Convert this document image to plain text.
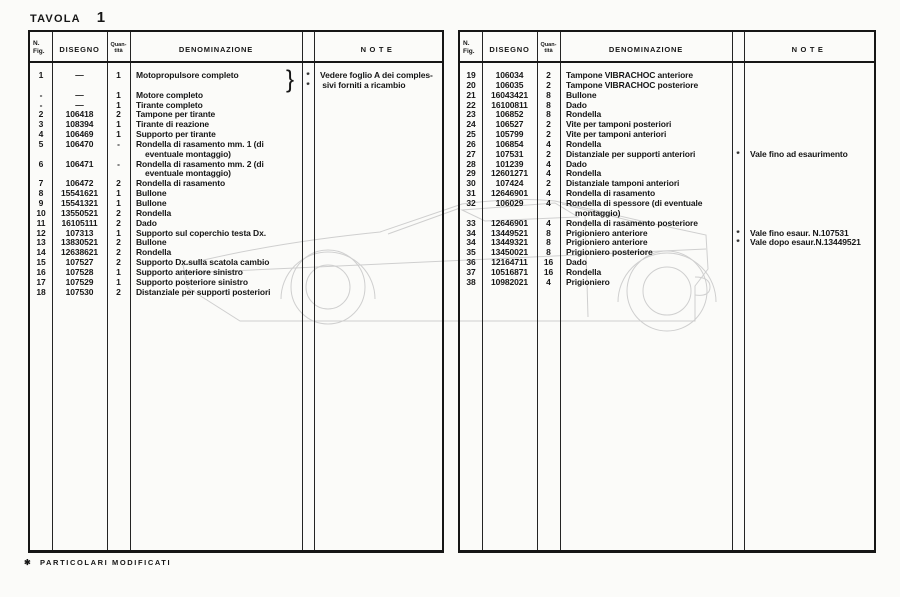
TAVOLA 1
N.
Fig.	DISEGNO	Quan-
tità	DENOMINAZIONE	NOTE
1	—	1	Motopropulsore completo	*	Vedere foglio A dei comples-
*	sivi forniti a ricambio
-	—	1	Motore completo
-	—	1	Tirante completo
2	106418	2	Tampone per tirante
3	108394	1	Tirante di reazione
4	106469	1	Supporto per tirante
5	106470	-	Rondella di rasamento mm. 1 (di
eventuale montaggio)
6	106471	-	Rondella di rasamento mm. 2 (di
eventuale montaggio)
7	106472	2	Rondella di rasamento
8	15541621	1	Bullone
9	15541321	1	Bullone
10	13550521	2	Rondella
11	16105111	2	Dado
12	107313	1	Supporto sul coperchio testa Dx.
13	13830521	2	Bullone
14	12638621	2	Rondella
15	107527	2	Supporto Dx.sulla scatola cambio
16	107528	1	Supporto anteriore sinistro
17	107529	1	Supporto posteriore sinistro
18	107530	2	Distanziale per supporti posteriori
}
N.
Fig.	DISEGNO	Quan-
tità	DENOMINAZIONE	NOTE
19	106034	2	Tampone VIBRACHOC anteriore
20	106035	2	Tampone VIBRACHOC posteriore
21	16043421	8	Bullone
22	16100811	8	Dado
23	106852	8	Rondella
24	106527	2	Vite per tamponi posteriori
25	105799	2	Vite per tamponi anteriori
26	106854	4	Rondella
27	107531	2	Distanziale per supporti anteriori	*	Vale fino ad esaurimento
28	101239	4	Dado
29	12601271	4	Rondella
30	107424	2	Distanziale tamponi anteriori
31	12646901	4	Rondella di rasamento
32	106029	4	Rondella di spessore (di eventuale
montaggio)
33	12646901	4	Rondella di rasamento posteriore
34	13449521	8	Prigioniero anteriore	*	Vale fino esaur. N.107531
34	13449321	8	Prigioniero anteriore	*	Vale dopo esaur.N.13449521
35	13450021	8	Prigioniero posteriore
36	12164711	16	Dado
37	10516871	16	Rondella
38	10982021	4	Prigioniero
✱	PARTICOLARI MODIFICATI
